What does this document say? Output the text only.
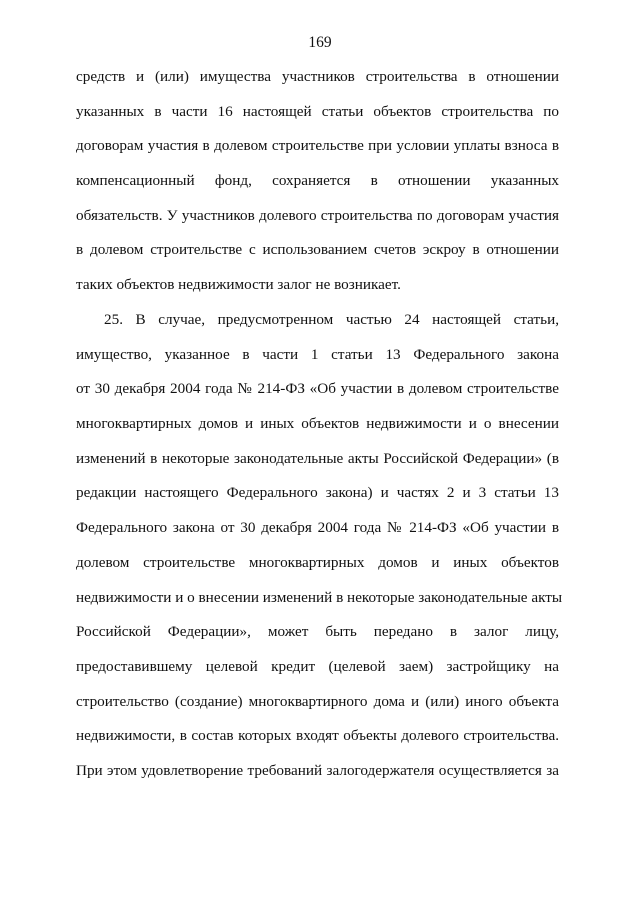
169
средств и (или) имущества участников строительства в отношении
указанных в части 16 настоящей статьи объектов строительства по
договорам участия в долевом строительстве при условии уплаты взноса в
компенсационный фонд, сохраняется в отношении указанных
обязательств. У участников долевого строительства по договорам участия
в долевом строительстве с использованием счетов эскроу в отношении
таких объектов недвижимости залог не возникает.
25. В случае, предусмотренном частью 24 настоящей статьи,
имущество, указанное в части 1 статьи 13 Федерального закона
от 30 декабря 2004 года № 214-ФЗ «Об участии в долевом строительстве
многоквартирных домов и иных объектов недвижимости и о внесении
изменений в некоторые законодательные акты Российской Федерации» (в
редакции настоящего Федерального закона) и частях 2 и 3 статьи 13
Федерального закона от 30 декабря 2004 года № 214-ФЗ «Об участии в
долевом строительстве многоквартирных домов и иных объектов
недвижимости и о внесении изменений в некоторые законодательные акты
Российской Федерации», может быть передано в залог лицу,
предоставившему целевой кредит (целевой заем) застройщику на
строительство (создание) многоквартирного дома и (или) иного объекта
недвижимости, в состав которых входят объекты долевого строительства.
При этом удовлетворение требований залогодержателя осуществляется за
